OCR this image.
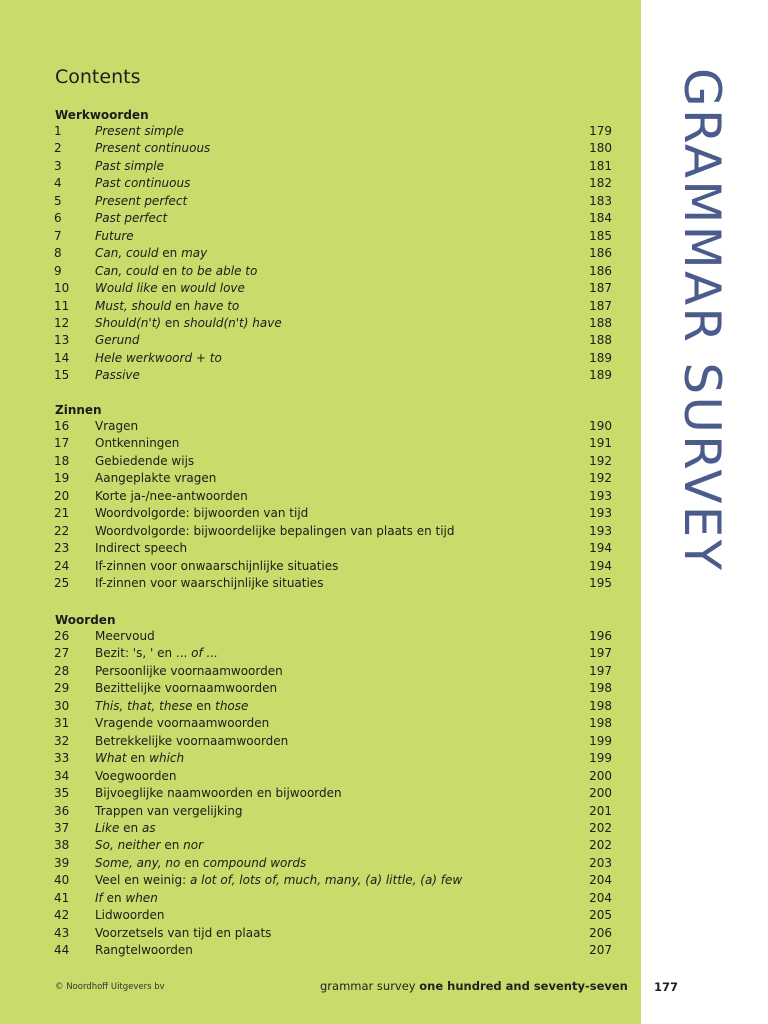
Contents
Werkwoorden
1	Present simple	179
2	Present continuous	180
3	Past simple	181
4	Past continuous	182
5	Present perfect	183
6	Past perfect	184
7	Future	185
8	Can, could en may	186
9	Can, could en to be able to	186
10	Would like en would love	187
11	Must, should en have to	187
12	Should(n't) en should(n't) have	188
13	Gerund	188
14	Hele werkwoord + to	189
15	Passive	189
Zinnen
16	Vragen	190
17	Ontkenningen	191
18	Gebiedende wijs	192
19	Aangeplakte vragen	192
20	Korte ja-/nee-antwoorden	193
21	Woordvolgorde: bijwoorden van tijd	193
22	Woordvolgorde: bijwoordelijke bepalingen van plaats en tijd	193
23	Indirect speech	194
24	If-zinnen voor onwaarschijnlijke situaties	194
25	If-zinnen voor waarschijnlijke situaties	195
Woorden
26	Meervoud	196
27	Bezit: 's, ' en ... of ...	197
28	Persoonlijke voornaamwoorden	197
29	Bezittelijke voornaamwoorden	198
30	This, that, these en those	198
31	Vragende voornaamwoorden	198
32	Betrekkelijke voornaamwoorden	199
33	What en which	199
34	Voegwoorden	200
35	Bijvoeglijke naamwoorden en bijwoorden	200
36	Trappen van vergelijking	201
37	Like en as	202
38	So, neither en nor	202
39	Some, any, no en compound words	203
40	Veel en weinig: a lot of, lots of, much, many, (a) little, (a) few	204
41	If en when	204
42	Lidwoorden	205
43	Voorzetsels van tijd en plaats	206
44	Rangtelwoorden	207
GRAMMAR SURVEY
© Noordhoff Uitgevers bv	grammar survey one hundred and seventy-seven	177
